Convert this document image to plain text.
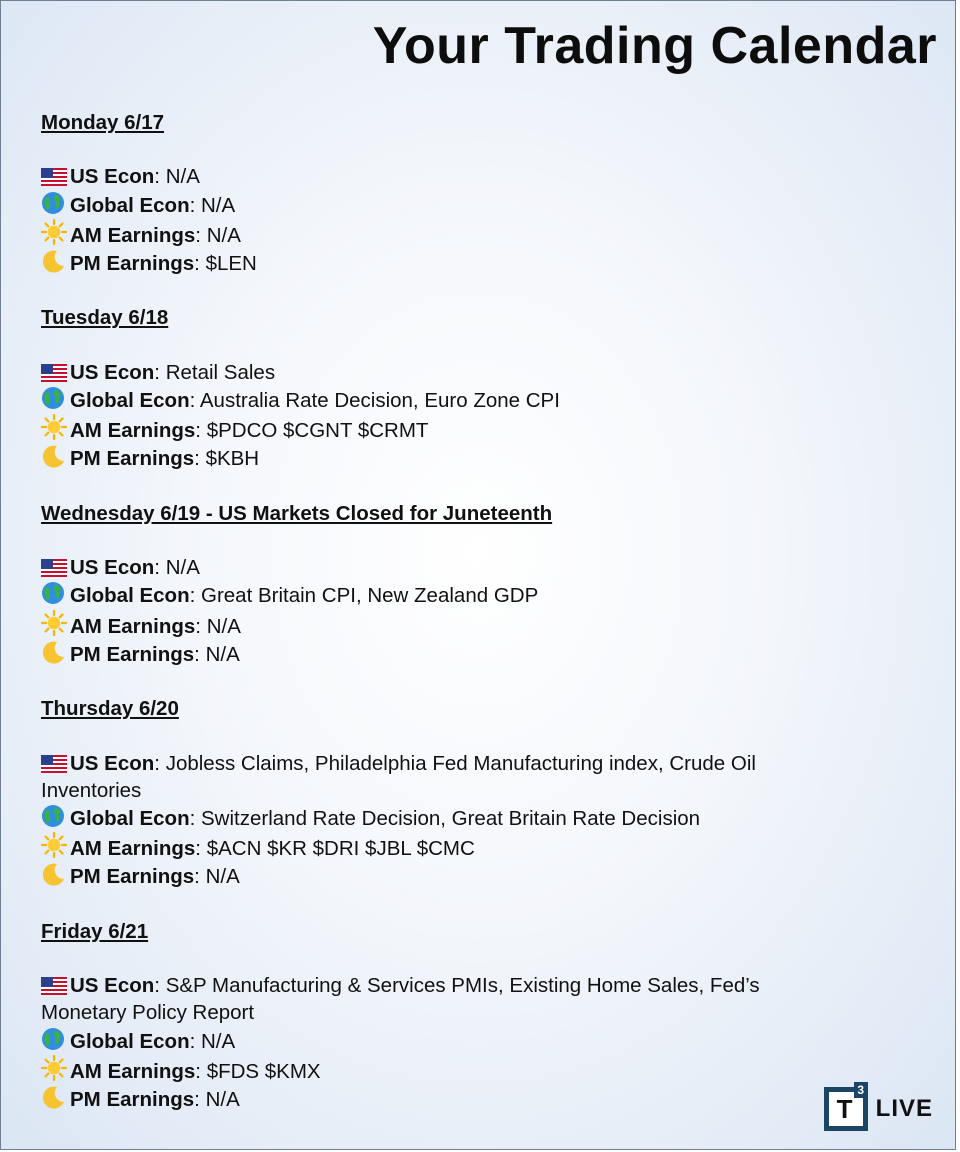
Your Trading Calendar

Monday 6/17

US Econ: N/A

Global Econ: N/A

AM Earnings: N/A

PM Earnings: $LEN

Tuesday 6/18

US Econ: Retail Sales

Global Econ: Australia Rate Decision, Euro Zone CPI

AM Earnings: $PDCO $CGNT $CRMT

PM Earnings: $KBH

Wednesday 6/19 - US Markets Closed for Juneteenth

US Econ: N/A

Global Econ: Great Britain CPI, New Zealand GDP

AM Earnings: N/A

PM Earnings: N/A

Thursday 6/20

US Econ: Jobless Claims, Philadelphia Fed Manufacturing index, Crude Oil Inventories

Global Econ: Switzerland Rate Decision, Great Britain Rate Decision

AM Earnings: $ACN $KR $DRI $JBL $CMC

PM Earnings: N/A

Friday 6/21

US Econ: S&P Manufacturing & Services PMIs, Existing Home Sales, Fed’s Monetary Policy Report

Global Econ: N/A

AM Earnings: $FDS $KMX

PM Earnings: N/A	T
3
LIVE
